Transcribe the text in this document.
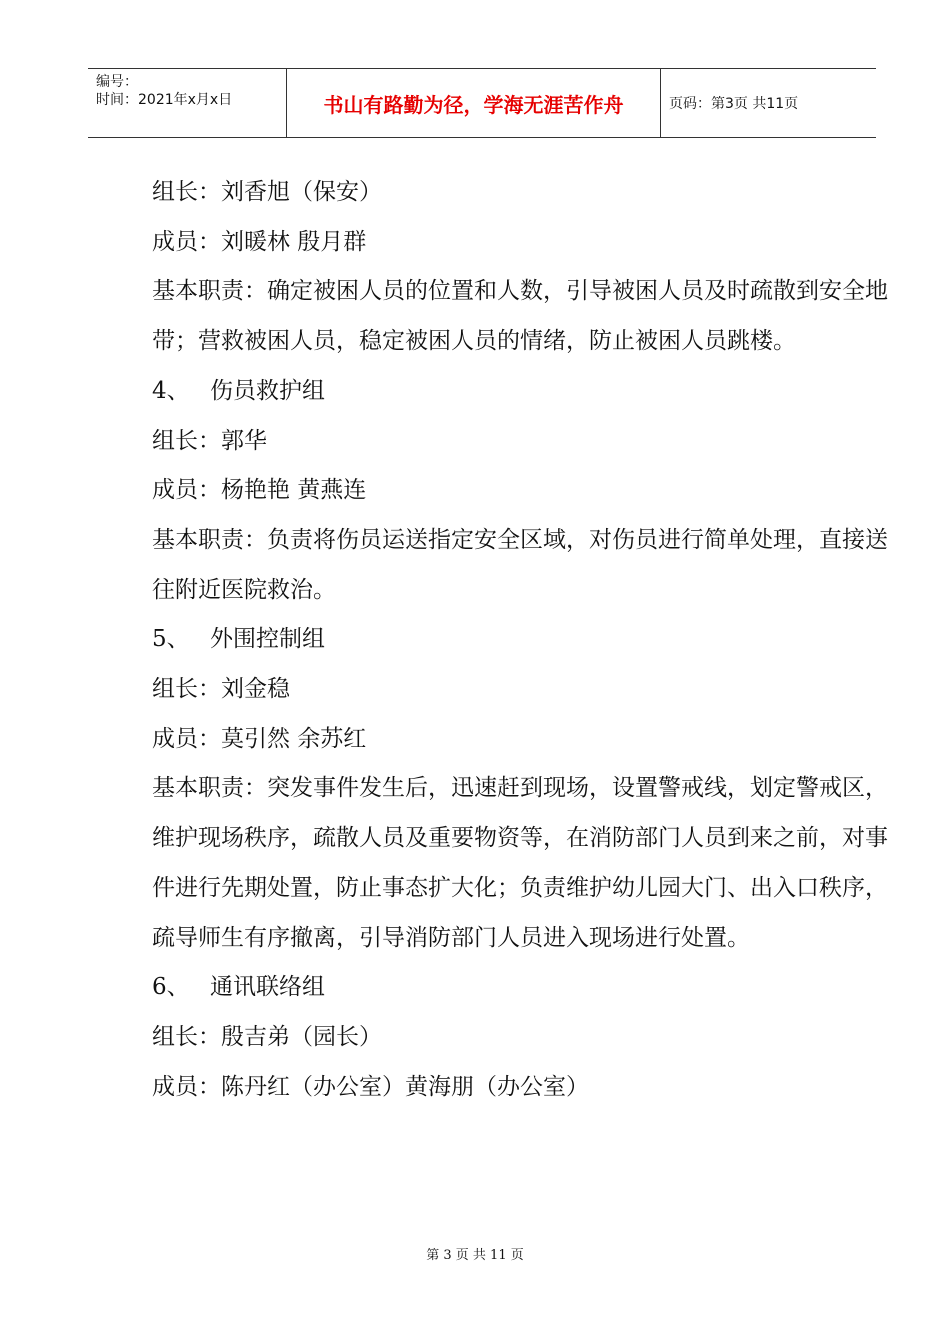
编号：
时间：2021年x月x日	书山有路勤为径，学海无涯苦作舟	页码：第3页 共11页

组长：刘香旭（保安）

成员：刘暖林 殷月群

基本职责：确定被困人员的位置和人数，引导被困人员及时疏散到安全地带；营救被困人员，稳定被困人员的情绪，防止被困人员跳楼。

4、 伤员救护组

组长：郭华

成员：杨艳艳 黄燕连

基本职责：负责将伤员运送指定安全区域，对伤员进行简单处理，直接送往附近医院救治。

5、 外围控制组

组长：刘金稳

成员：莫引然 余苏红

基本职责：突发事件发生后，迅速赶到现场，设置警戒线，划定警戒区，维护现场秩序，疏散人员及重要物资等，在消防部门人员到来之前，对事件进行先期处置，防止事态扩大化；负责维护幼儿园大门、出入口秩序，疏导师生有序撤离，引导消防部门人员进入现场进行处置。

6、 通讯联络组

组长：殷吉弟（园长）

成员：陈丹红（办公室）黄海朋（办公室）

第 3 页 共 11 页
